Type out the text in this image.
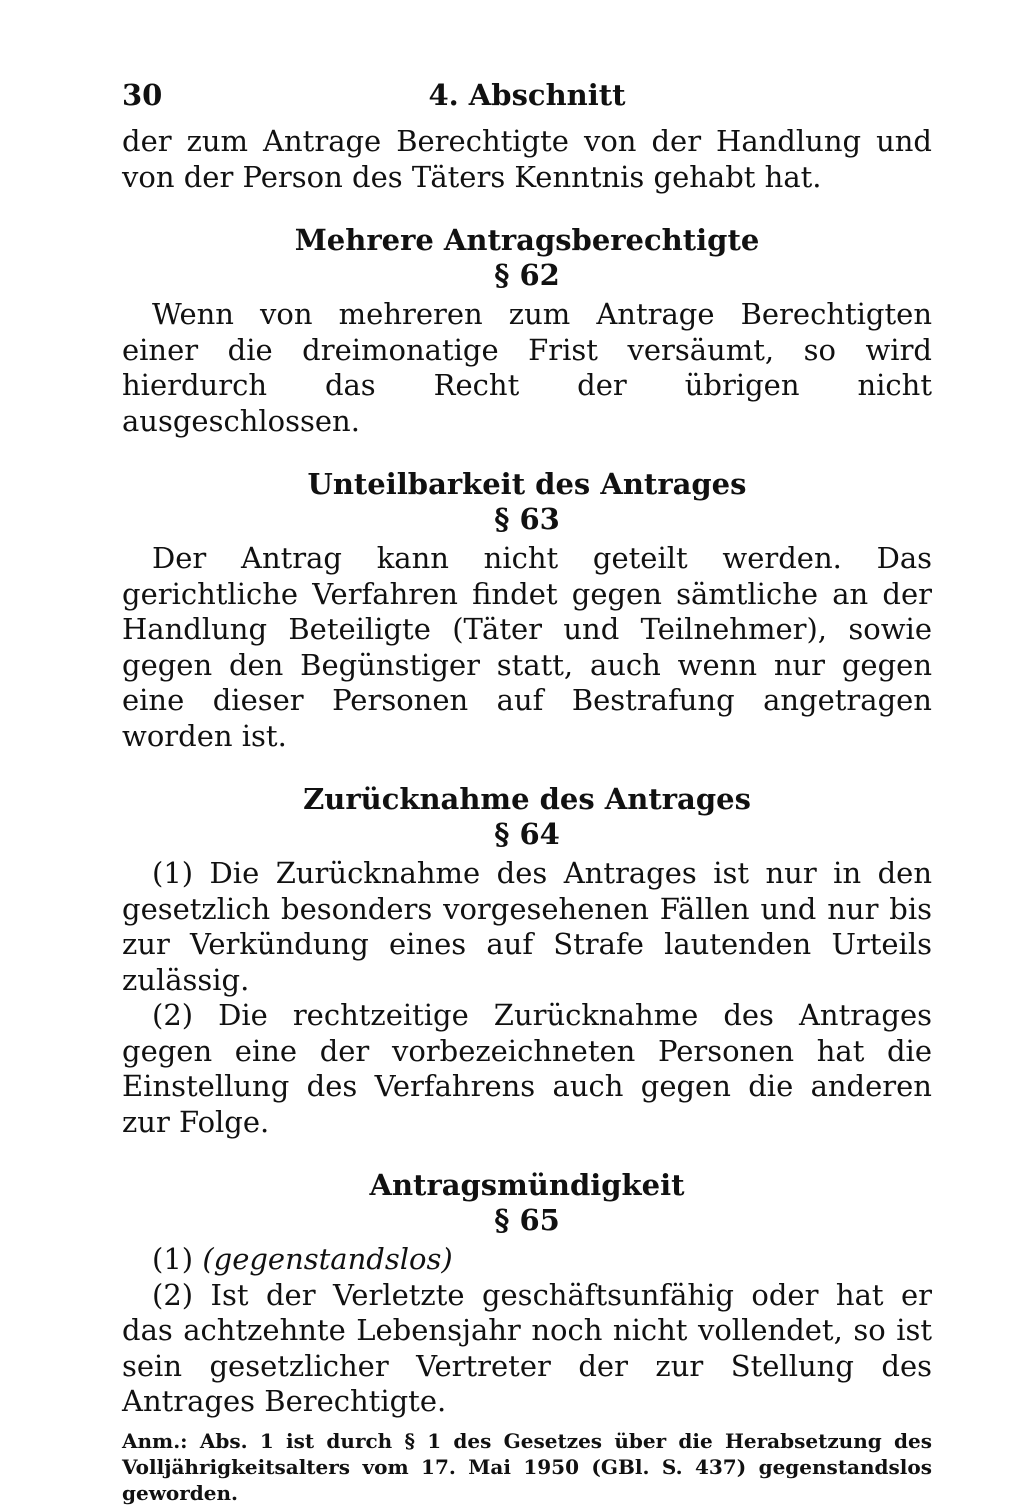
30	4. Abschnitt

der zum Antrage Berechtigte von der Handlung und von der Person des Täters Kenntnis gehabt hat.

Mehrere Antragsberechtigte
§ 62

Wenn von mehreren zum Antrage Berechtigten einer die dreimonatige Frist versäumt, so wird hierdurch das Recht der übrigen nicht ausgeschlossen.

Unteilbarkeit des Antrages
§ 63

Der Antrag kann nicht geteilt werden. Das gerichtliche Verfahren findet gegen sämtliche an der Handlung Beteiligte (Täter und Teilnehmer), sowie gegen den Begünstiger statt, auch wenn nur gegen eine dieser Personen auf Bestrafung angetragen worden ist.

Zurücknahme des Antrages
§ 64

(1) Die Zurücknahme des Antrages ist nur in den gesetzlich besonders vorgesehenen Fällen und nur bis zur Verkündung eines auf Strafe lautenden Urteils zulässig.

(2) Die rechtzeitige Zurücknahme des Antrages gegen eine der vorbezeichneten Personen hat die Einstellung des Verfahrens auch gegen die anderen zur Folge.

Antragsmündigkeit
§ 65

(1) (gegenstandslos)

(2) Ist der Verletzte geschäftsunfähig oder hat er das achtzehnte Lebensjahr noch nicht vollendet, so ist sein gesetzlicher Vertreter der zur Stellung des Antrages Berechtigte.

Anm.: Abs. 1 ist durch § 1 des Gesetzes über die Herabsetzung des Volljährigkeitsalters vom 17. Mai 1950 (GBl. S. 437) gegenstandslos geworden.
